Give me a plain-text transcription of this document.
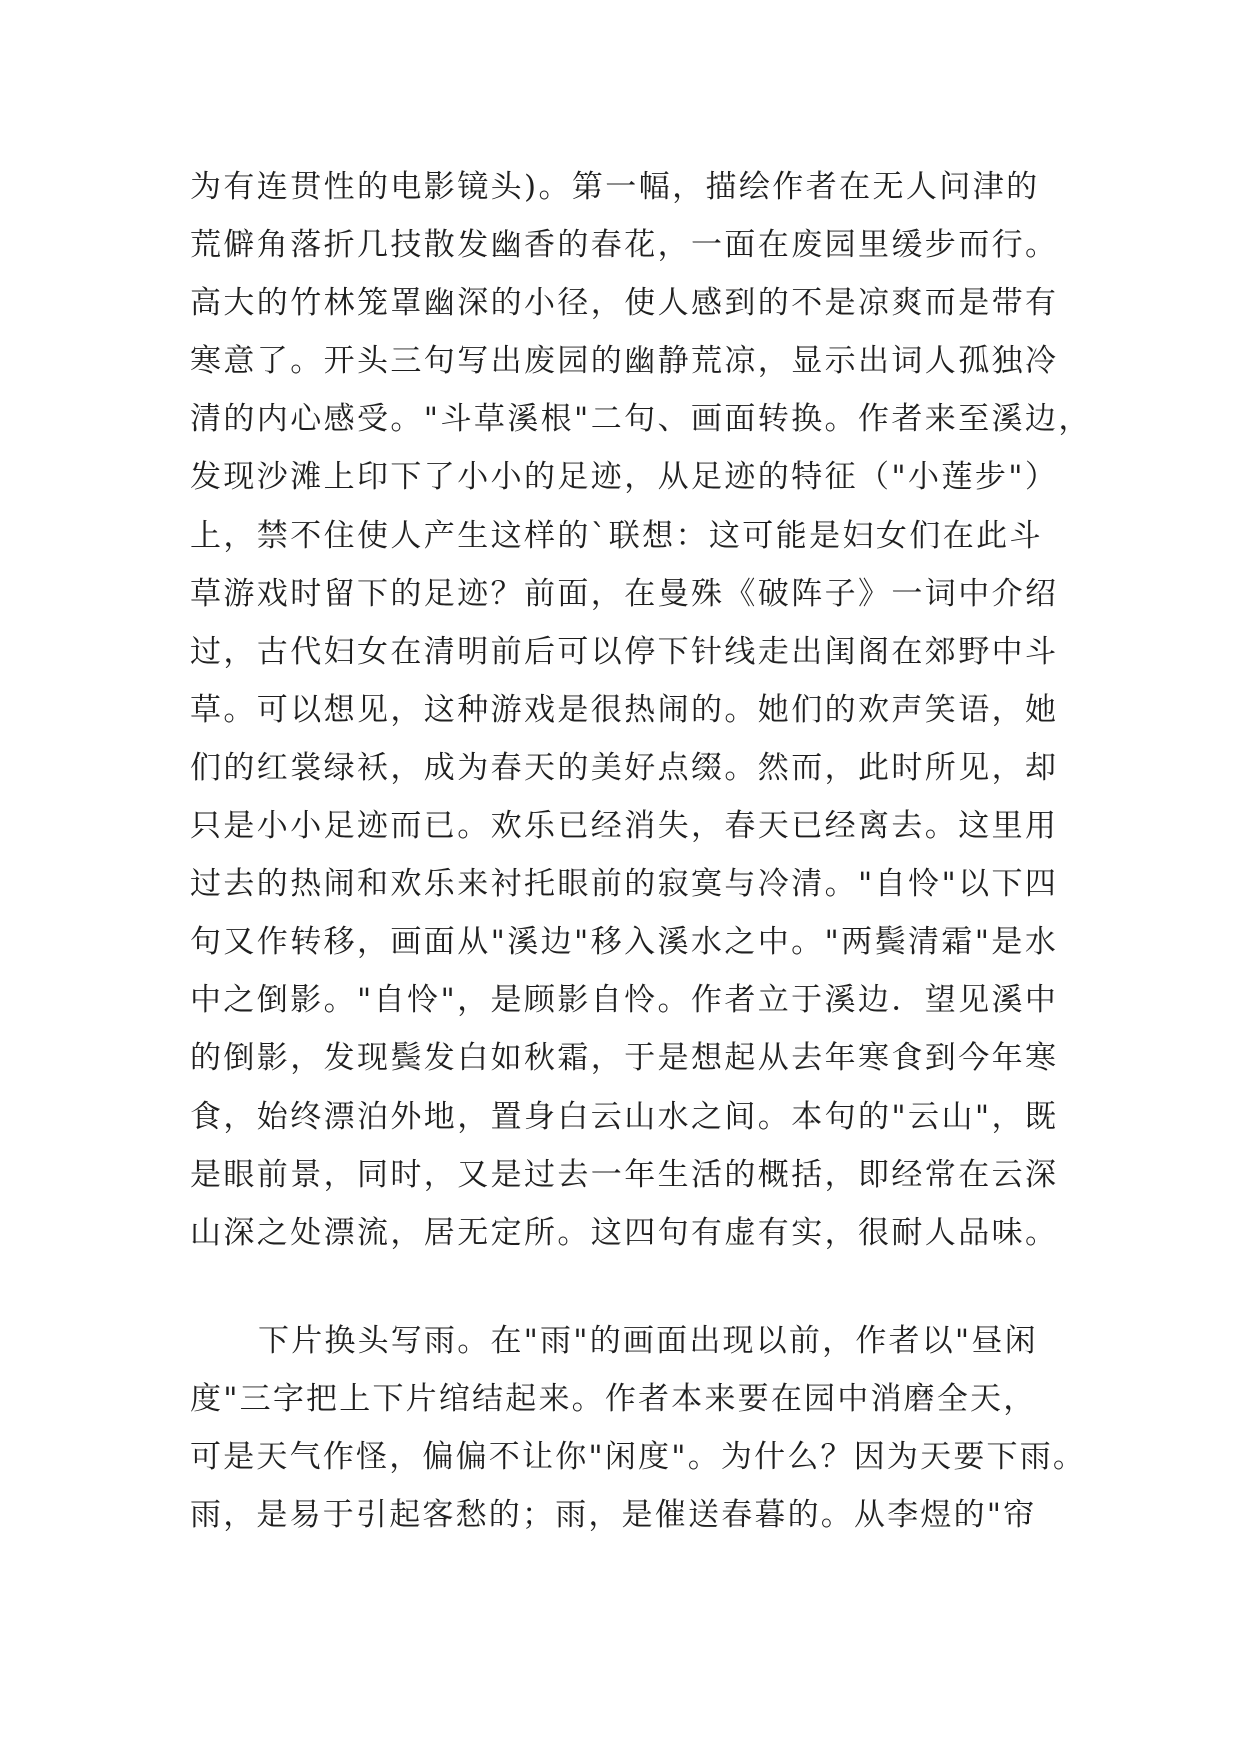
为有连贯性的电影镜头)。第一幅，描绘作者在无人问津的
荒僻角落折几技散发幽香的春花，一面在废园里缓步而行。
高大的竹林笼罩幽深的小径，使人感到的不是凉爽而是带有
寒意了。开头三句写出废园的幽静荒凉，显示出词人孤独冷
清的内心感受。"斗草溪根"二句、画面转换。作者来至溪边，
发现沙滩上印下了小小的足迹，从足迹的特征（"小莲步"）
上，禁不住使人产生这样的`联想：这可能是妇女们在此斗
草游戏时留下的足迹？前面，在曼殊《破阵子》一词中介绍
过，古代妇女在清明前后可以停下针线走出闺阁在郊野中斗
草。可以想见，这种游戏是很热闹的。她们的欢声笑语，她
们的红裳绿袄，成为春天的美好点缀。然而，此时所见，却
只是小小足迹而已。欢乐已经消失，春天已经离去。这里用
过去的热闹和欢乐来衬托眼前的寂寞与冷清。"自怜"以下四
句又作转移，画面从"溪边"移入溪水之中。"两鬓清霜"是水
中之倒影。"自怜"，是顾影自怜。作者立于溪边．望见溪中
的倒影，发现鬓发白如秋霜，于是想起从去年寒食到今年寒
食，始终漂泊外地，置身白云山水之间。本句的"云山"，既
是眼前景，同时，又是过去一年生活的概括，即经常在云深
山深之处漂流，居无定所。这四句有虚有实，很耐人品味。
下片换头写雨。在"雨"的画面出现以前，作者以"昼闲
度"三字把上下片绾结起来。作者本来要在园中消磨全天，
可是天气作怪，偏偏不让你"闲度"。为什么？因为天要下雨。
雨，是易于引起客愁的；雨，是催送春暮的。从李煜的"帘
